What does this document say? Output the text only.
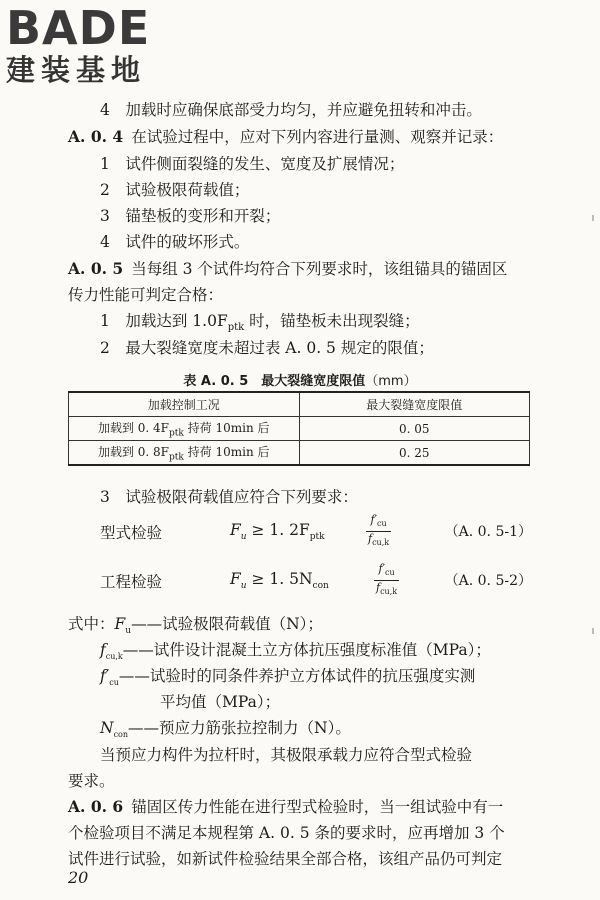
BADE
建装基地
4　加载时应确保底部受力均匀，并应避免扭转和冲击。
A. 0. 4 在试验过程中，应对下列内容进行量测、观察并记录：
1　试件侧面裂缝的发生、宽度及扩展情况；
2　试验极限荷载值；
3　锚垫板的变形和开裂；
4　试件的破坏形式。
A. 0. 5 当每组 3 个试件均符合下列要求时，该组锚具的锚固区
传力性能可判定合格：
1　加载达到 $1.0F_{ptk}$ 时，锚垫板未出现裂缝；
2　最大裂缝宽度未超过表 A. 0. 5 规定的限值；
表 A. 0. 5　最大裂缝宽度限值（mm）
加载控制工况	最大裂缝宽度限值
加载到 0. $4F_{ptk}$ 持荷 10min 后	0. 05
加载到 0. $8F_{ptk}$ 持荷 10min 后	0. 25
3　试验极限荷载值应符合下列要求：
型式检验	$F_u \ge 1$. $2F_{ptk}$
$f'_{cu}$
$f_{cu,k}$
（A. 0. 5-1）
工程检验	$F_u \ge 1$. $5N_{con}$
$f'_{cu}$
$f_{cu,k}$
（A. 0. 5-2）
式中：$F_u——$试验极限荷载值（N）；
$f_{cu,k}——$试件设计混凝土立方体抗压强度标准值（MPa）；
$f'_{cu}——$试验时的同条件养护立方体试件的抗压强度实测
平均值（MPa）；
$N_{con}——$预应力筋张拉控制力（N）。
当预应力构件为拉杆时，其极限承载力应符合型式检验
要求。
A. 0. 6 锚固区传力性能在进行型式检验时，当一组试验中有一
个检验项目不满足本规程第 A. 0. 5 条的要求时，应再增加 3 个
试件进行试验，如新试件检验结果全部合格，该组产品仍可判定
20
